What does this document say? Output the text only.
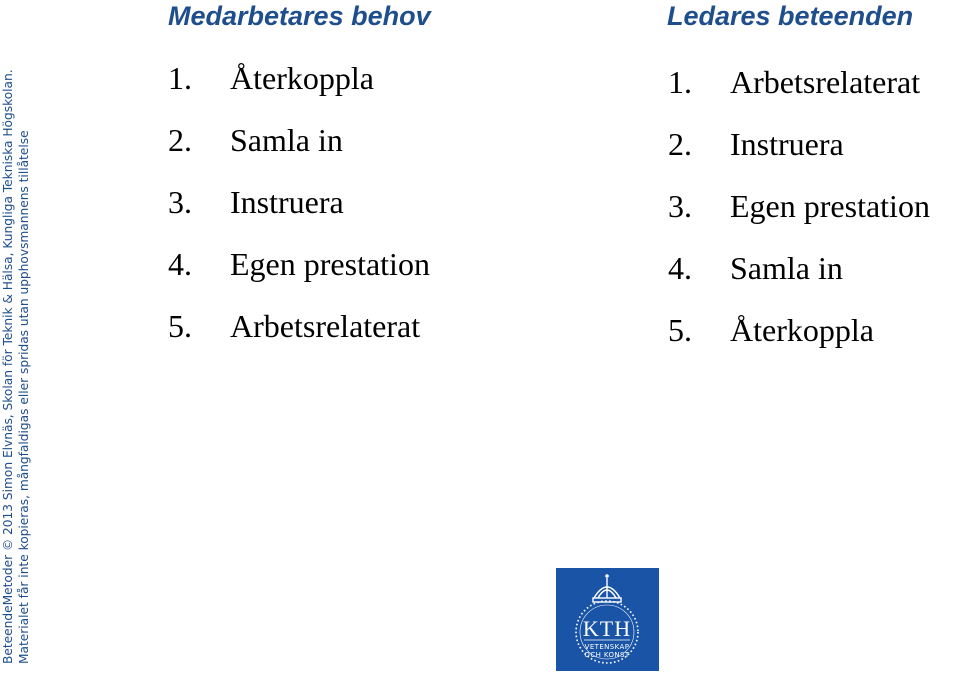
BeteendeMetoder © 2013 Simon Elvnäs, Skolan för Teknik & Hälsa, Kungliga Tekniska Högskolan. Materialet får inte kopieras, mångfaldigas eller spridas utan upphovsmannens tillåtelse
Medarbetares behov
1. Återkoppla
2. Samla in
3. Instruera
4. Egen prestation
5. Arbetsrelaterat
Ledares beteenden
1. Arbetsrelaterat
2. Instruera
3. Egen prestation
4. Samla in
5. Återkoppla
KTH
VETENSKAP
OCH KONST
